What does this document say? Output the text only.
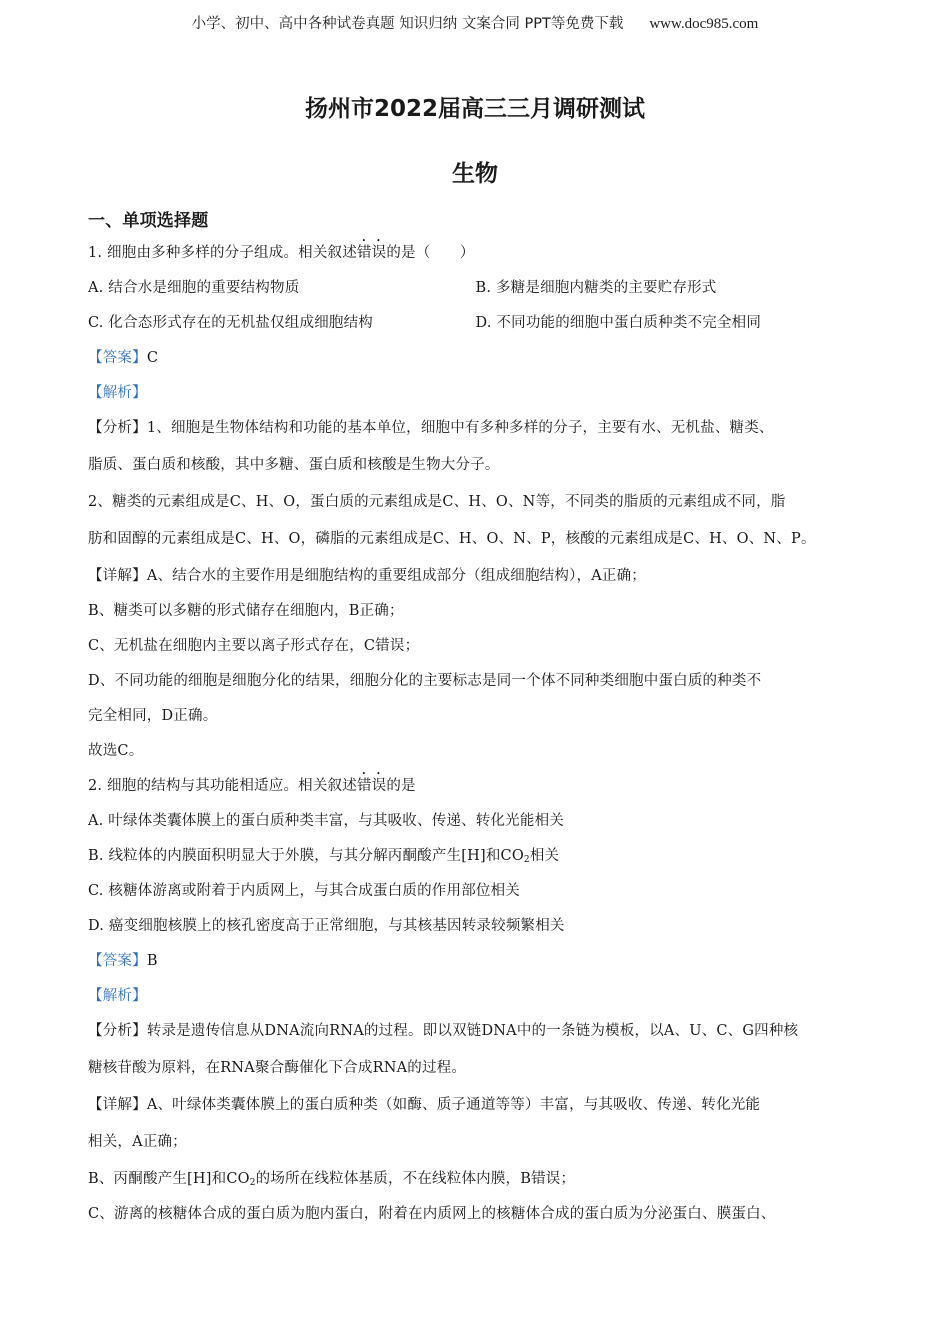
小学、初中、高中各种试卷真题 知识归纳 文案合同 PPT等免费下载 www.doc985.com
扬州市2022届高三三月调研测试
生物
一、单项选择题
1. 细胞由多种多样的分子组成。相关叙述错误的是（　　）
A. 结合水是细胞的重要结构物质	B. 多糖是细胞内糖类的主要贮存形式
C. 化合态形式存在的无机盐仅组成细胞结构	D. 不同功能的细胞中蛋白质种类不完全相同
【答案】C
【解析】
【分析】1、细胞是生物体结构和功能的基本单位，细胞中有多种多样的分子，主要有水、无机盐、糖类、
脂质、蛋白质和核酸，其中多糖、蛋白质和核酸是生物大分子。
2、糖类的元素组成是C、H、O，蛋白质的元素组成是C、H、O、N等，不同类的脂质的元素组成不同，脂
肪和固醇的元素组成是C、H、O，磷脂的元素组成是C、H、O、N、P，核酸的元素组成是C、H、O、N、P。
【详解】A、结合水的主要作用是细胞结构的重要组成部分（组成细胞结构），A正确；
B、糖类可以多糖的形式储存在细胞内，B正确；
C、无机盐在细胞内主要以离子形式存在，C错误；
D、不同功能的细胞是细胞分化的结果，细胞分化的主要标志是同一个体不同种类细胞中蛋白质的种类不
完全相同，D正确。
故选C。
2. 细胞的结构与其功能相适应。相关叙述错误的是
A. 叶绿体类囊体膜上的蛋白质种类丰富，与其吸收、传递、转化光能相关
B. 线粒体的内膜面积明显大于外膜，与其分解丙酮酸产生[H]和$CO_2$相关
C. 核糖体游离或附着于内质网上，与其合成蛋白质的作用部位相关
D. 癌变细胞核膜上的核孔密度高于正常细胞，与其核基因转录较频繁相关
【答案】B
【解析】
【分析】转录是遗传信息从DNA流向RNA的过程。即以双链DNA中的一条链为模板，以A、U、C、G四种核
糖核苷酸为原料，在RNA聚合酶催化下合成RNA的过程。
【详解】A、叶绿体类囊体膜上的蛋白质种类（如酶、质子通道等等）丰富，与其吸收、传递、转化光能
相关，A正确；
B、丙酮酸产生[H]和$CO_2$的场所在线粒体基质，不在线粒体内膜，B错误；
C、游离的核糖体合成的蛋白质为胞内蛋白，附着在内质网上的核糖体合成的蛋白质为分泌蛋白、膜蛋白、
